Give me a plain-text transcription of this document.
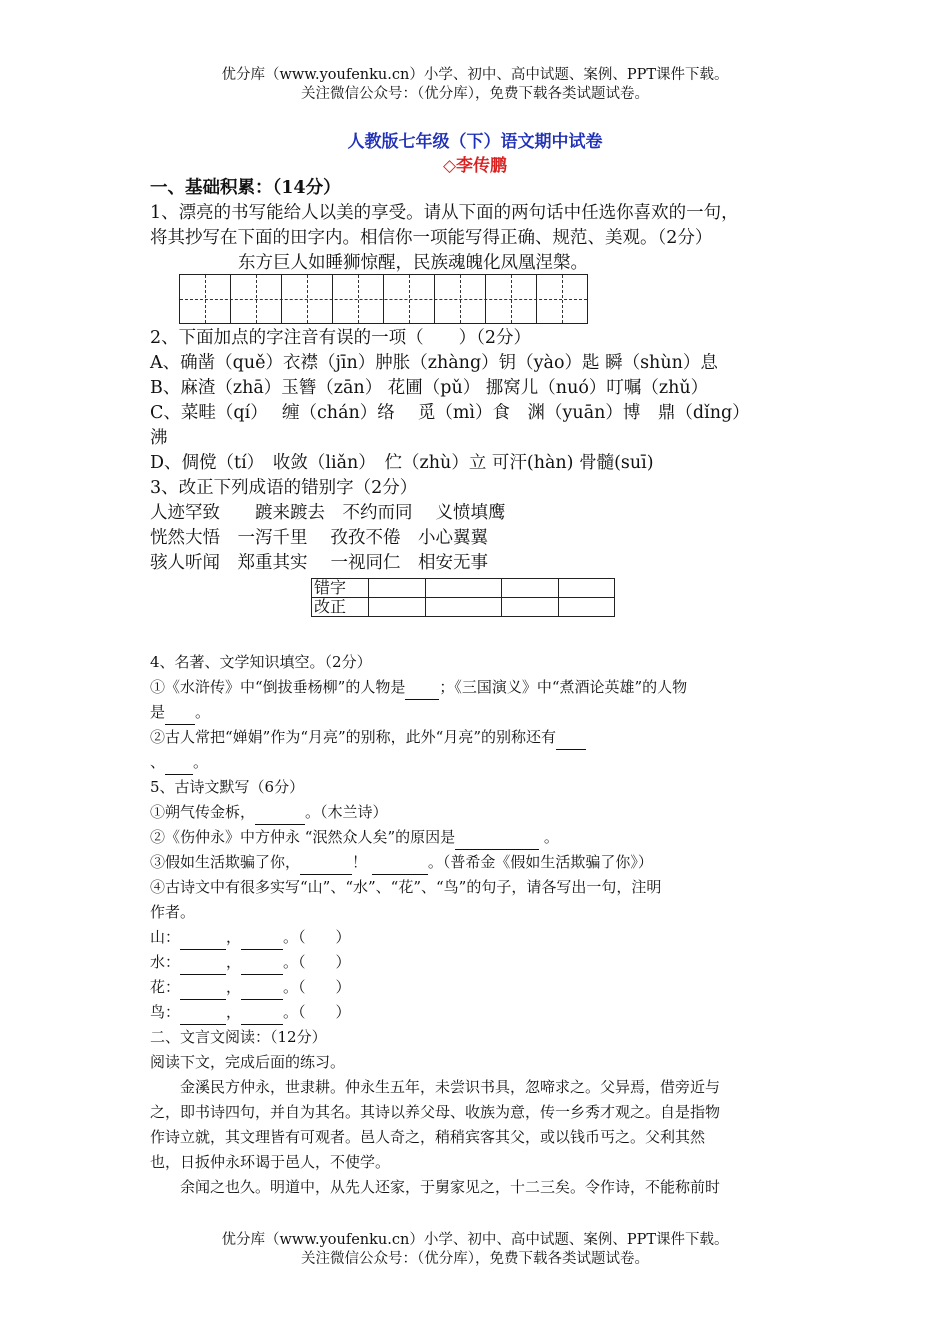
优分库（www.youfenku.cn）小学、初中、高中试题、案例、PPT课件下载。
关注微信公众号：（优分库），免费下载各类试题试卷。
人教版七年级（下）语文期中试卷
◇李传鹏
一、基础积累：（14分）
1、漂亮的书写能给人以美的享受。请从下面的两句话中任选你喜欢的一句，
将其抄写在下面的田字内。相信你一项能写得正确、规范、美观。（2分）
东方巨人如睡狮惊醒，民族魂魄化凤凰涅槃。
2、下面加点的字注音有误的一项（　　）（2分）
A、确凿（quě）衣襟（jīn）肿胀（zhàng）钥（yào）匙 瞬（shùn）息
B、麻渣（zhā）玉簪（zān） 花圃（pǔ） 挪窝儿（nuó）叮嘱（zhǔ）
C、菜畦（qí）　 缠（chán）络　 觅（mì）食　渊（yuān）博　鼎（dǐng）
沸
D、倜傥（tí）　收敛（liǎn）　伫（zhù）立 可汗(hàn) 骨髓(suī)
3、改正下列成语的错别字（2分）
人迹罕致　　踱来踱去　不约而同　 义愤填鹰
恍然大悟　一泻千里　 孜孜不倦　小心翼翼
骇人听闻　郑重其实　 一视同仁　相安无事
错字				
改正				
4、名著、文学知识填空。（2分）
①《水浒传》中“倒拔垂杨柳”的人物是 ；《三国演义》中“煮酒论英雄”的人物
是 。
②古人常把“婵娟”作为“月亮”的别称，此外“月亮”的别称还有
、 。
5、古诗文默写（6分）
①朔气传金柝，	。（木兰诗）
②《伤仲永》中方仲永 “泯然众人矣”的原因是	。
③假如生活欺骗了你，	！	。（普希金《假如生活欺骗了你》）
④古诗文中有很多实写“山”、“水”、“花”、“鸟”的句子，请各写出一句，注明
作者。
山：	，	。（　　）
水：	，	。（　　）
花：	，	。（　　）
鸟：	，	。（　　）
二、文言文阅读：（12分）
阅读下文，完成后面的练习。
金溪民方仲永，世隶耕。仲永生五年，未尝识书具，忽啼求之。父异焉，借旁近与
之，即书诗四句，并自为其名。其诗以养父母、收族为意，传一乡秀才观之。自是指物
作诗立就，其文理皆有可观者。邑人奇之，稍稍宾客其父，或以钱币丐之。父利其然
也，日扳仲永环谒于邑人，不使学。
余闻之也久。明道中，从先人还家，于舅家见之，十二三矣。令作诗，不能称前时
优分库（www.youfenku.cn）小学、初中、高中试题、案例、PPT课件下载。
关注微信公众号：（优分库），免费下载各类试题试卷。
